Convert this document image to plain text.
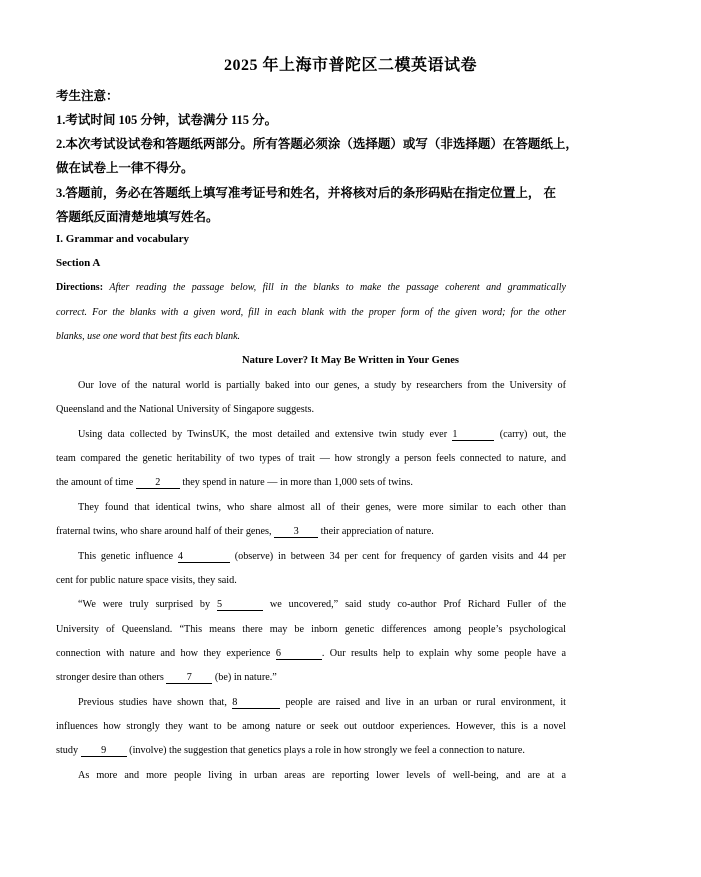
2025 年上海市普陀区二模英语试卷
考生注意：
1.考试时间 105 分钟，试卷满分 115 分。
2.本次考试设试卷和答题纸两部分。所有答题必须涂（选择题）或写（非选择题）在答题纸上，
做在试卷上一律不得分。
3.答题前，务必在答题纸上填写准考证号和姓名，并将核对后的条形码贴在指定位置上， 在
答题纸反面清楚地填写姓名。
I. Grammar and vocabulary
Section A
Directions: After reading the passage below, fill in the blanks to make the passage coherent and grammatically
correct. For the blanks with a given word, fill in each blank with the proper form of the given word; for the other
blanks, use one word that best fits each blank.
Nature Lover? It May Be Written in Your Genes
Our love of the natural world is partially baked into our genes, a study by researchers from the University of
Queensland and the National University of Singapore suggests.
Using data collected by TwinsUK, the most detailed and extensive twin study ever 1	(carry) out, the
team compared the genetic heritability of two types of trait — how strongly a person feels connected to nature, and
the amount of time 2 they spend in nature — in more than 1,000 sets of twins.
They found that identical twins, who share almost all of their genes, were more similar to each other than
fraternal twins, who share around half of their genes, 3 their appreciation of nature.
This genetic influence 4	(observe) in between 34 per cent for frequency of garden visits and 44 per
cent for public nature space visits, they said.
“We were truly surprised by 5	we uncovered,” said study co-author Prof Richard Fuller of the
University of Queensland. “This means there may be inborn genetic differences among people’s psychological
connection with nature and how they experience 6	. Our results help to explain why some people have a
stronger desire than others 7 (be) in nature.”
Previous studies have shown that, 8	people are raised and live in an urban or rural environment, it
influences how strongly they want to be among nature or seek out outdoor experiences. However, this is a novel
study 9 (involve) the suggestion that genetics plays a role in how strongly we feel a connection to nature.
As more and more people living in urban areas are reporting lower levels of well-being, and are at a
